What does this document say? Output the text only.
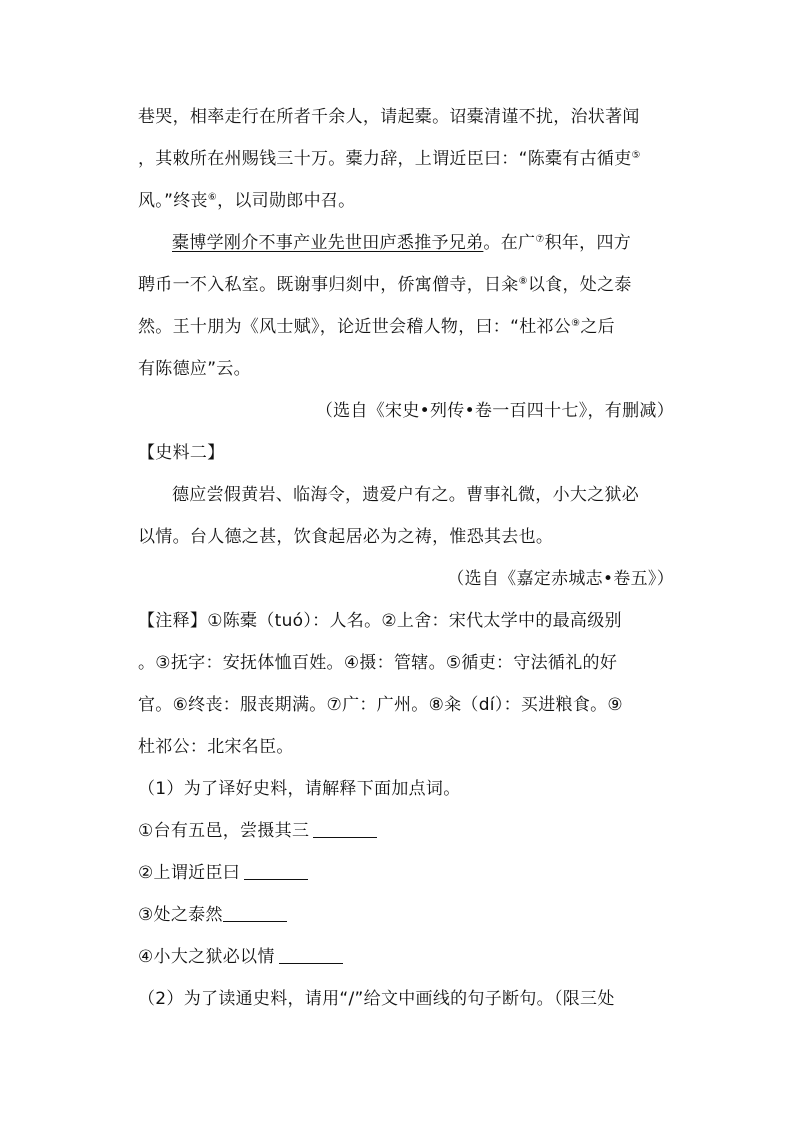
巷哭，相率走行在所者千余人，请起橐。诏橐清谨不扰，治状著闻
，其敕所在州赐钱三十万。橐力辞，上谓近臣曰：“陈橐有古循吏⑤
风。”终丧⑥，以司勋郎中召。
橐博学刚介不事产业先世田庐悉推予兄弟。在广⑦积年，四方
聘币一不入私室。既谢事归剡中，侨寓僧寺，日籴⑧以食，处之泰
然。王十朋为《风士赋》，论近世会稽人物，曰：“杜祁公⑨之后
有陈德应”云。
（选自《宋史•列传•卷一百四十七》，有删减）
【史料二】
德应尝假黄岩、临海令，遗爱户有之。曹事礼微，小大之狱必
以情。台人德之甚，饮食起居必为之祷，惟恐其去也。
（选自《嘉定赤城志•卷五》）
【注释】①陈橐（tuó）：人名。②上舍：宋代太学中的最高级别
。③抚字：安抚体恤百姓。④摄：管辖。⑤循吏：守法循礼的好
官。⑥终丧：服丧期满。⑦广：广州。⑧籴（dí）：买进粮食。⑨
杜祁公：北宋名臣。
（1）为了译好史料，请解释下面加点词。
①台有五邑，尝摄其三
②上谓近臣曰
③处之泰然
④小大之狱必以情
（2）为了读通史料，请用“/”给文中画线的句子断句。（限三处
